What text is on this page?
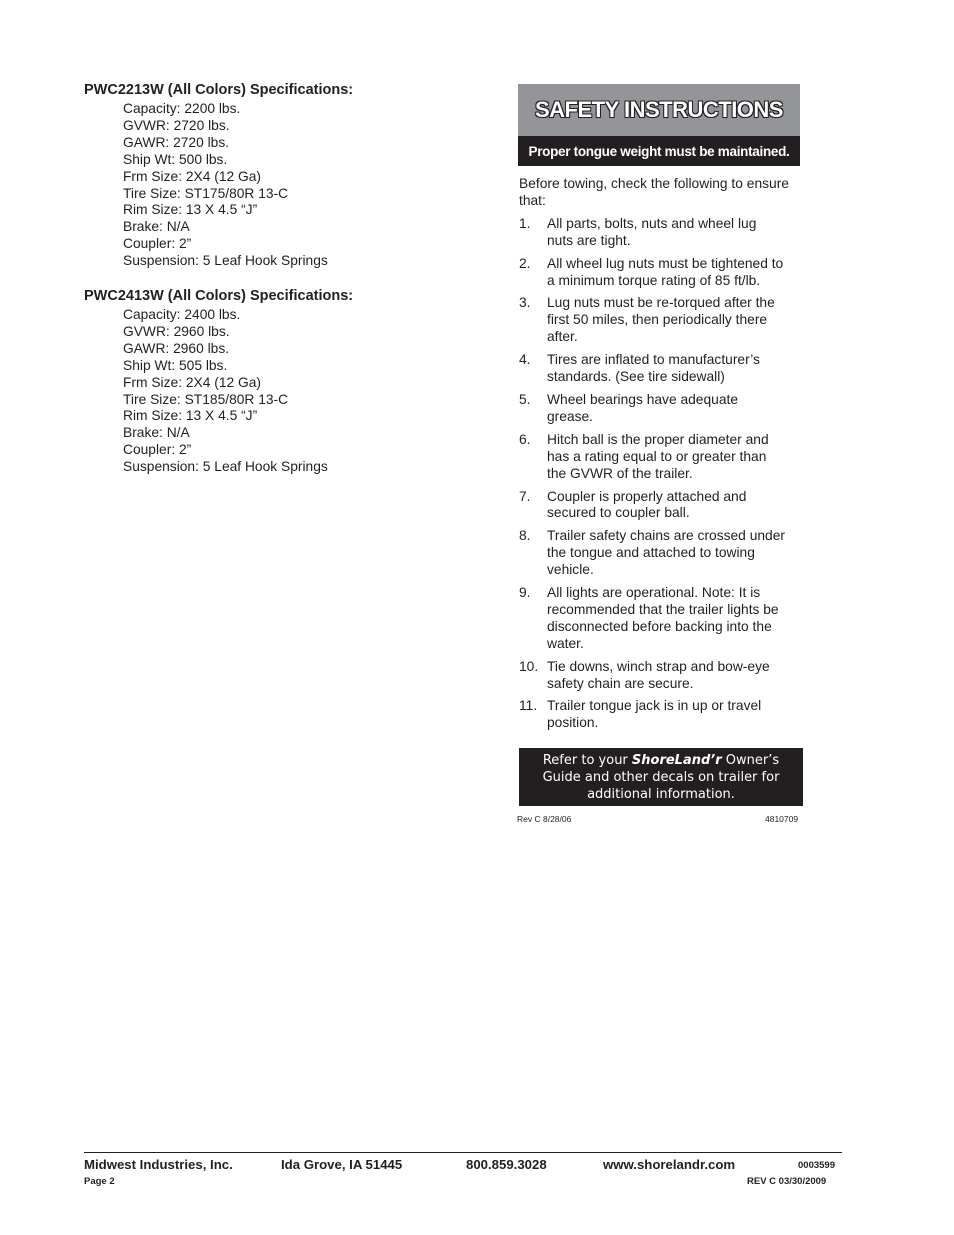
PWC2213W (All Colors) Specifications:
Capacity: 2200 lbs.
GVWR: 2720 lbs.
GAWR: 2720 lbs.
Ship Wt: 500 lbs.
Frm Size: 2X4 (12 Ga)
Tire Size: ST175/80R 13-C
Rim Size: 13 X 4.5 “J”
Brake: N/A
Coupler: 2”
Suspension: 5 Leaf Hook Springs
PWC2413W (All Colors) Specifications:
Capacity: 2400 lbs.
GVWR: 2960 lbs.
GAWR: 2960 lbs.
Ship Wt: 505 lbs.
Frm Size: 2X4 (12 Ga)
Tire Size: ST185/80R 13-C
Rim Size: 13 X 4.5 “J”
Brake: N/A
Coupler: 2”
Suspension: 5 Leaf Hook Springs
SAFETY INSTRUCTIONS
Proper tongue weight must be maintained.
Before towing, check the following to ensure that:
1.	All parts, bolts, nuts and wheel lug nuts are tight.
2.	All wheel lug nuts must be tightened to a minimum torque rating of 85 ft/lb.
3.	Lug nuts must be re-torqued after the first 50 miles, then periodically there after.
4.	Tires are inflated to manufacturer’s standards. (See tire sidewall)
5.	Wheel bearings have adequate grease.
6.	Hitch ball is the proper diameter and has a rating equal to or greater than the GVWR of the trailer.
7.	Coupler is properly attached and secured to coupler ball.
8.	Trailer safety chains are crossed under the tongue and attached to towing vehicle.
9.	All lights are operational. Note: It is recommended that the trailer lights be disconnected before backing into the water.
10. Tie downs, winch strap and bow-eye safety chain are secure.
11. Trailer tongue jack is in up or travel position.
Refer to your ShoreLand’r Owner’s
Guide and other decals on trailer for
additional information.
Rev C 8/28/06	4810709
Midwest Industries, Inc.	Ida Grove, IA 51445	800.859.3028	www.shorelandr.com	0003599
Page 2	REV C 03/30/2009
